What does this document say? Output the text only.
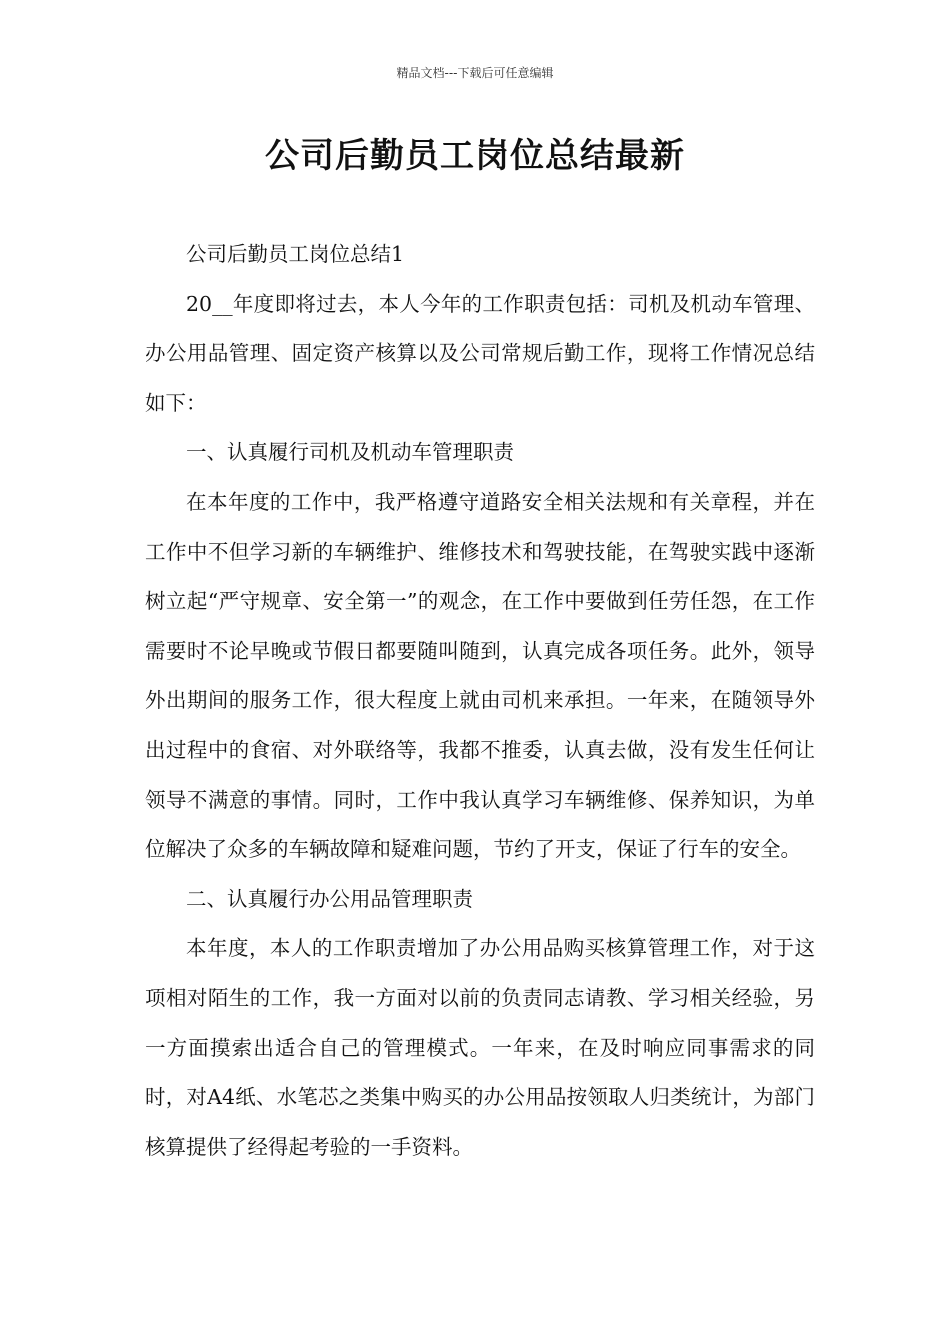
精品文档---下载后可任意编辑
公司后勤员工岗位总结最新

公司后勤员工岗位总结1

20__年度即将过去，本人今年的工作职责包括：司机及机动车管理、办公用品管理、固定资产核算以及公司常规后勤工作，现将工作情况总结如下：

一、认真履行司机及机动车管理职责

在本年度的工作中，我严格遵守道路安全相关法规和有关章程，并在工作中不但学习新的车辆维护、维修技术和驾驶技能，在驾驶实践中逐渐树立起“严守规章、安全第一”的观念，在工作中要做到任劳任怨，在工作需要时不论早晚或节假日都要随叫随到，认真完成各项任务。此外，领导外出期间的服务工作，很大程度上就由司机来承担。一年来，在随领导外出过程中的食宿、对外联络等，我都不推委，认真去做，没有发生任何让领导不满意的事情。同时，工作中我认真学习车辆维修、保养知识，为单位解决了众多的车辆故障和疑难问题，节约了开支，保证了行车的安全。

二、认真履行办公用品管理职责

本年度，本人的工作职责增加了办公用品购买核算管理工作，对于这项相对陌生的工作，我一方面对以前的负责同志请教、学习相关经验，另一方面摸索出适合自己的管理模式。一年来，在及时响应同事需求的同时，对A4纸、水笔芯之类集中购买的办公用品按领取人归类统计，为部门核算提供了经得起考验的一手资料。
